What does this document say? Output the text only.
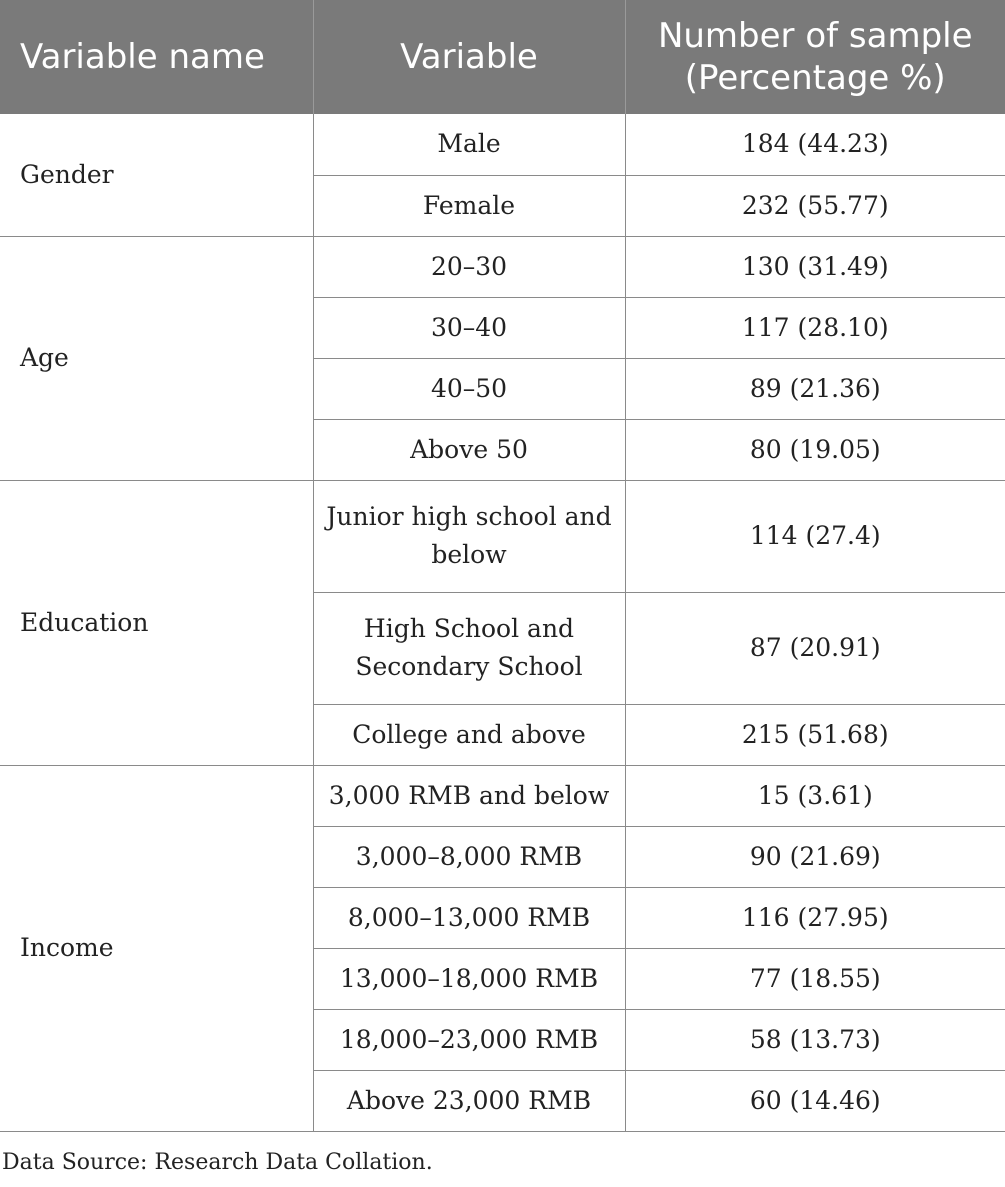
Variable name	Variable	Number of sample
(Percentage %)
Gender	Male	184 (44.23)
	Female	232 (55.77)
Age	20–30	130 (31.49)
	30–40	117 (28.10)
	40–50	89 (21.36)
	Above 50	80 (19.05)
Education	Junior high school and below	114 (27.4)
	High School and Secondary School	87 (20.91)
	College and above	215 (51.68)
Income	3,000 RMB and below	15 (3.61)
	3,000–8,000 RMB	90 (21.69)
	8,000–13,000 RMB	116 (27.95)
	13,000–18,000 RMB	77 (18.55)
	18,000–23,000 RMB	58 (13.73)
	Above 23,000 RMB	60 (14.46)

Data Source: Research Data Collation.
